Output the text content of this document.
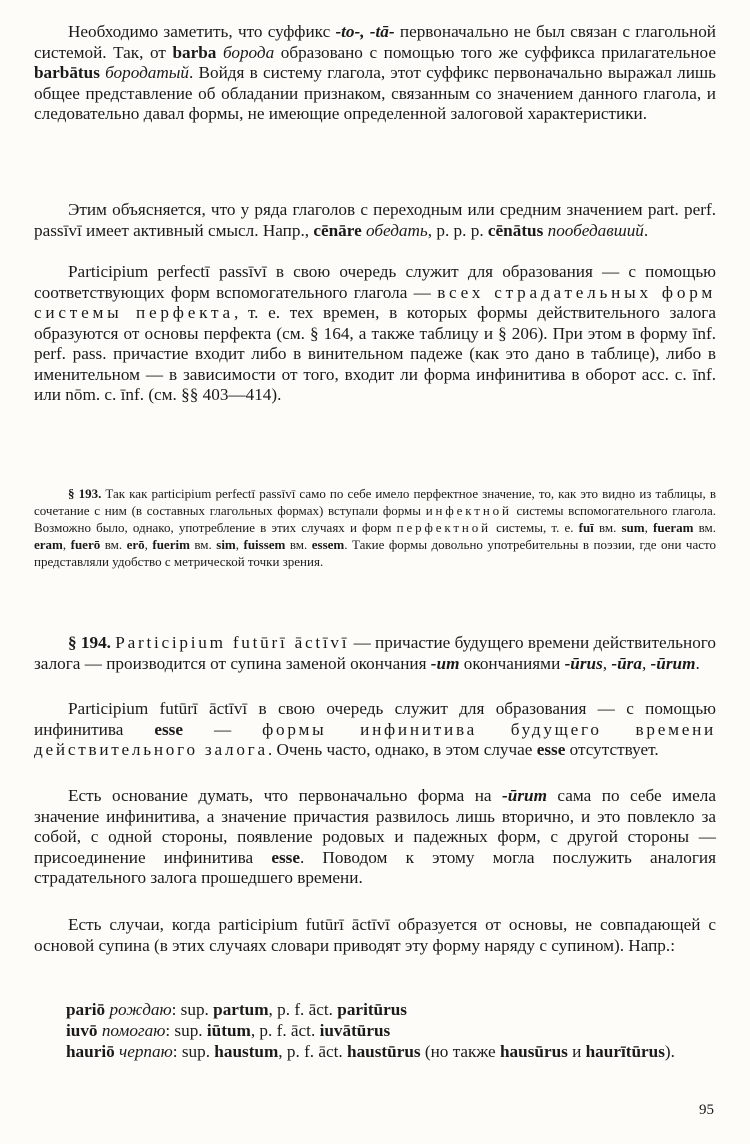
Необходимо заметить, что суффикс -to-, -tā- первоначально не был связан с глагольной системой. Так, от barba борода образовано с помощью того же суффикса прилагательное barbātus бородатый. Войдя в систему глагола, этот суффикс первоначально выражал лишь общее представление об обладании признаком, связанным со значением данного глагола, и следовательно давал формы, не имеющие определенной залоговой характеристики.

Этим объясняется, что у ряда глаголов с переходным или средним значением part. perf. passīvī имеет активный смысл. Напр., cēnāre обедать, p. p. p. cēnātus пообедавший.

Participium perfectī passīvī в свою очередь служит для образования — с помощью соответствующих форм вспомогательного глагола — всех страдательных форм системы перфекта, т. е. тех времен, в которых формы действительного залога образуются от основы перфекта (см. § 164, а также таблицу и § 206). При этом в форму īnf. perf. pass. причастие входит либо в винительном падеже (как это дано в таблице), либо в именительном — в зависимости от того, входит ли форма инфинитива в оборот acc. c. īnf. или nōm. c. īnf. (см. §§ 403—414).

§ 193. Так как participium perfectī passīvī само по себе имело перфектное значение, то, как это видно из таблицы, в сочетание с ним (в составных глагольных формах) вступали формы инфектной системы вспомогательного глагола. Возможно было, однако, употребление в этих случаях и форм перфектной системы, т. е. fuī вм. sum, fueram вм. eram, fuerō вм. erō, fuerim вм. sim, fuissem вм. essem. Такие формы довольно употребительны в поэзии, где они часто представляли удобство с метрической точки зрения.

§ 194. Participium futūrī āctīvī — причастие будущего времени действительного залога — производится от супина заменой окончания -um окончаниями -ūrus, -ūra, -ūrum.

Participium futūrī āctīvī в свою очередь служит для образования — с помощью инфинитива esse — формы инфинитива будущего времени действительного залога. Очень часто, однако, в этом случае esse отсутствует.

Есть основание думать, что первоначально форма на -ūrum сама по себе имела значение инфинитива, а значение причастия развилось лишь вторично, и это повлекло за собой, с одной стороны, появление родовых и падежных форм, с другой стороны — присоединение инфинитива esse. Поводом к этому могла послужить аналогия страдательного залога прошедшего времени.

Есть случаи, когда participium futūrī āctīvī образуется от основы, не совпадающей с основой супина (в этих случаях словари приводят эту форму наряду с супином). Напр.:

pariō рождаю: sup. partum, p. f. āct. paritūrus

iuvō помогаю: sup. iūtum, p. f. āct. iuvātūrus

hauriō черпаю: sup. haustum, p. f. āct. haustūrus (но также hausūrus и haurītūrus).

95
